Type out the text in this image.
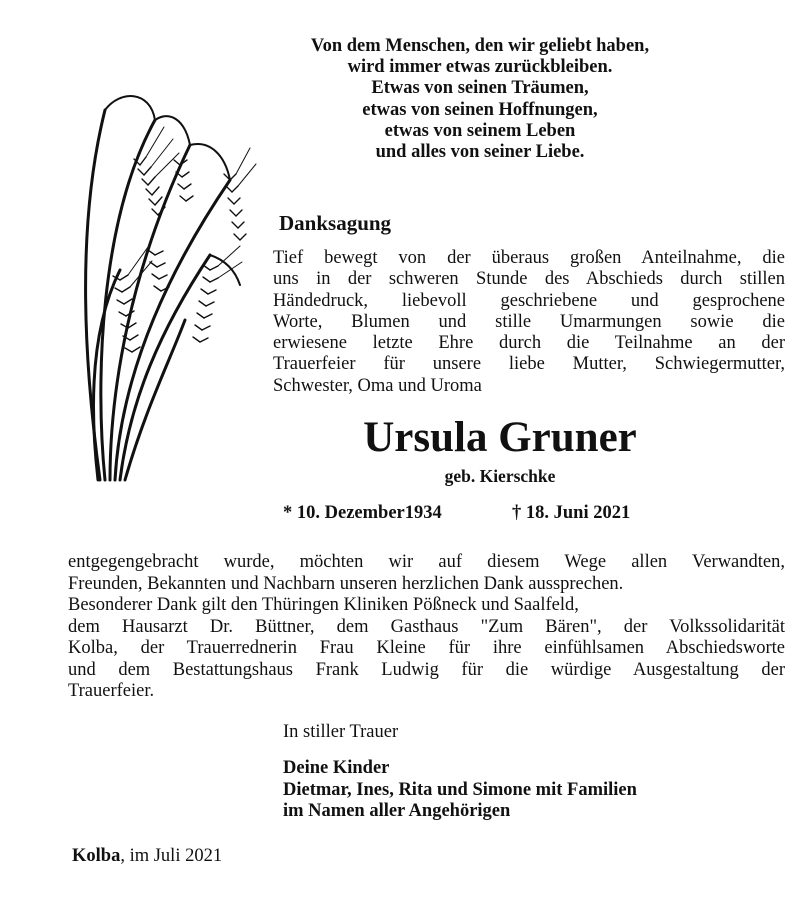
Von dem Menschen, den wir geliebt haben,
wird immer etwas zurückbleiben.
Etwas von seinen Träumen,
etwas von seinen Hoffnungen,
etwas von seinem Leben
und alles von seiner Liebe.
Danksagung
Tief bewegt von der überaus großen Anteilnahme, die
uns in der schweren Stunde des Abschieds durch stillen
Händedruck, liebevoll geschriebene und gesprochene
Worte, Blumen und stille Umarmungen sowie die
erwiesene letzte Ehre durch die Teilnahme an der
Trauerfeier für unsere liebe Mutter, Schwiegermutter,
Schwester, Oma und Uroma
Ursula Gruner
geb. Kierschke
* 10. Dezember1934	† 18. Juni 2021
entgegengebracht wurde, möchten wir auf diesem Wege allen Verwandten,
Freunden, Bekannten und Nachbarn unseren herzlichen Dank aussprechen.
Besonderer Dank gilt den Thüringen Kliniken Pößneck und Saalfeld,
dem Hausarzt Dr. Büttner, dem Gasthaus "Zum Bären", der Volkssolidarität
Kolba, der Trauerrednerin Frau Kleine für ihre einfühlsamen Abschiedsworte
und dem Bestattungshaus Frank Ludwig für die würdige Ausgestaltung der
Trauerfeier.
In stiller Trauer
Deine Kinder
Dietmar, Ines, Rita und Simone mit Familien
im Namen aller Angehörigen
Kolba, im Juli 2021
